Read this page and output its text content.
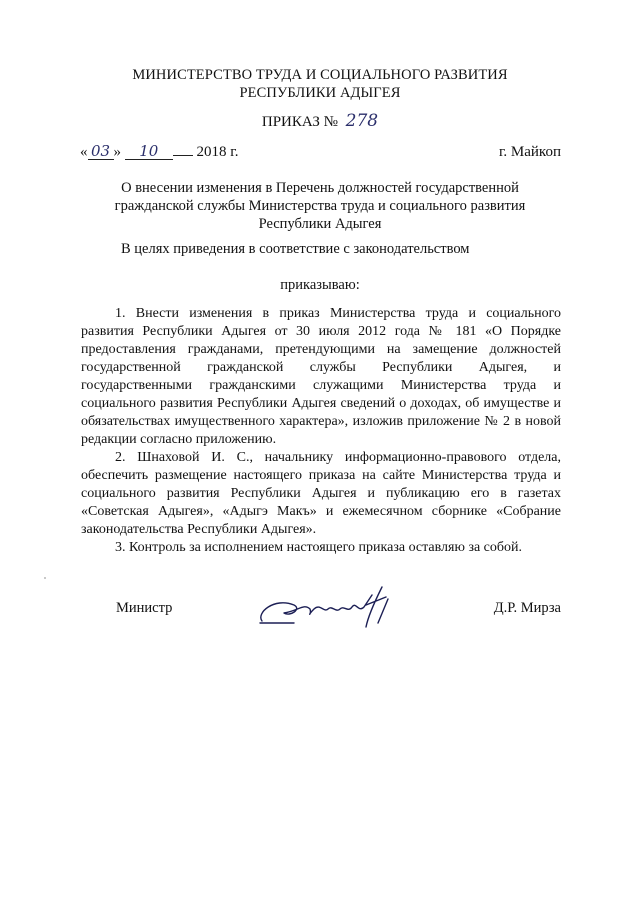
МИНИСТЕРСТВО ТРУДА И СОЦИАЛЬНОГО РАЗВИТИЯ
РЕСПУБЛИКИ АДЫГЕЯ
ПРИКАЗ № 278
« 03 » 10	2018 г.	г. Майкоп
О внесении изменения в Перечень должностей государственной
гражданской службы Министерства труда и социального развития
Республики Адыгея
В целях приведения в соответствие с законодательством
приказываю:

1. Внести изменения в приказ Министерства труда и социального развития Республики Адыгея от 30 июля 2012 года № 181 «О Порядке предоставления гражданами, претендующими на замещение должностей государственной гражданской службы Республики Адыгея, и государственными гражданскими служащими Министерства труда и социального развития Республики Адыгея сведений о доходах, об имуществе и обязательствах имущественного характера», изложив приложение № 2 в новой редакции согласно приложению.

2. Шнаховой И. С., начальнику информационно-правового отдела, обеспечить размещение настоящего приказа на сайте Министерства труда и социального развития Республики Адыгея и публикацию его в газетах «Советская Адыгея», «Адыгэ Макъ» и ежемесячном сборнике «Собрание законодательства Республики Адыгея».

3. Контроль за исполнением настоящего приказа оставляю за собой.

Министр	Д.Р. Мирза
